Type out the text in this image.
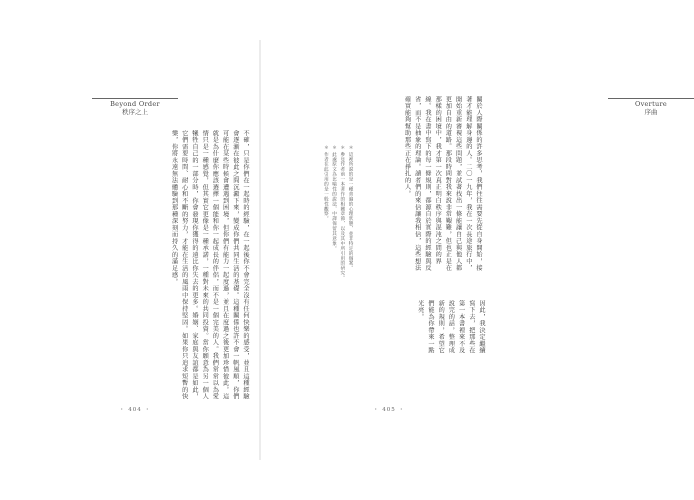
Beyond Order
秩序之上
不確，只是你們在一起時的經驗，在一起後你不會完全沒有任何快樂的感受，並且這種經驗會逐漸在彼此之間沉澱下來，變成你們共同生活的基礎。這種關係也許不會一帆風順，你們可能在某些時候會遭遇到困境，但你們有能力一起度過，並且在度過之後更加珍惜彼此。這就是為什麼你應該選擇一個能和你一起成長的伴侶，而不是一個完美的人。我們常常以為愛情只是一種感覺，但其實它更像是一種承諾，一種對未來的共同投資。當你願意為另一個人犧牲自己的一部分時，你會發現你獲得的遠比你失去的更多。婚姻、家庭與友誼都是如此，它們需要時間、耐心和不斷的努力，才能在生活的風雨中保持堅固。如果你只追求短暫的快樂，你將永遠無法體驗到那種深刻而持久的滿足感。
・ 404 ・
Overture
序曲
關於人際關係的許多思考，我們往往需要先從自身開始，接著才能理解身邊的人。二〇一九年，我在一次長途旅行中，開始重新審視這些問題，並試著找出一條能讓自己與他人都更加自由的道路。那段時間對我來說非常艱難，但也正是在那樣的困境中，我才第一次真正明白秩序與混沌之間的界線。我在書中寫下的每一條規則，都源自於實際的經驗與反省，而不是抽象的理論。讀者們的來信讓我相信，這些想法確實能夠幫助那些正在掙扎的人。
因此，我決定繼續寫下去，把那些在第一本書裡來不及說完的話，整理成新的規則，希望它們能為你帶來一點光亮。
＊ 這裡所說的是一種普遍的心理狀態，並非特定的個案。
＊ 參見作者前一本著作的相關章節，以及其中所引用的研究。
＊ 此處原文為比喻性的說法，中譯保留其意象。
＊ 作者在此引用的是一般性觀察。
・ 405 ・
